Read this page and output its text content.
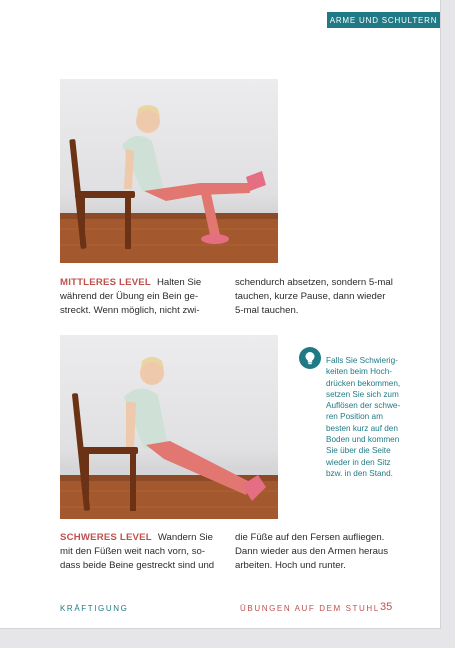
ARME UND SCHULTERN
MITTLERES LEVEL Halten Sie
während der Übung ein Bein ge-
streckt. Wenn möglich, nicht zwi-
schendurch absetzen, sondern 5-mal
tauchen, kurze Pause, dann wieder
5-mal tauchen.
SCHWERES LEVEL Wandern Sie
mit den Füßen weit nach vorn, so-
dass beide Beine gestreckt sind und
die Füße auf den Fersen aufliegen.
Dann wieder aus den Armen heraus
arbeiten. Hoch und runter.
Falls Sie Schwierig-
keiten beim Hoch-
drücken bekommen,
setzen Sie sich zum
Auflösen der schwe-
ren Position am
besten kurz auf den
Boden und kommen
Sie über die Seite
wieder in den Sitz
bzw. in den Stand.
KRÄFTIGUNG	ÜBUNGEN AUF DEM STUHL 35
